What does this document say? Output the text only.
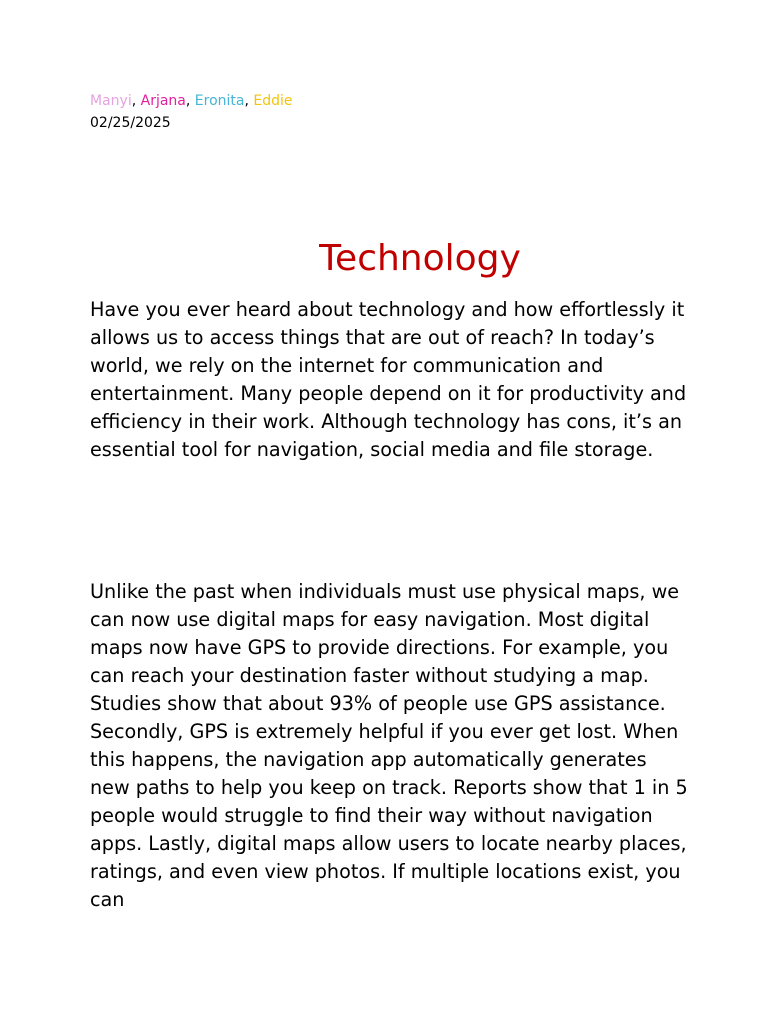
Manyi, Arjana, Eronita, Eddie
02/25/2025
Technology

Have you ever heard about technology and how effortlessly it allows us to access things that are out of reach? In today’s world, we rely on the internet for communication and entertainment. Many people depend on it for productivity and efficiency in their work. Although technology has cons, it’s an essential tool for navigation, social media and file storage.

Unlike the past when individuals must use physical maps, we can now use digital maps for easy navigation. Most digital maps now have GPS to provide directions. For example, you can reach your destination faster without studying a map. Studies show that about 93% of people use GPS assistance. Secondly, GPS is extremely helpful if you ever get lost. When this happens, the navigation app automatically generates new paths to help you keep on track. Reports show that 1 in 5 people would struggle to find their way without navigation apps. Lastly, digital maps allow users to locate nearby places, ratings, and even view photos. If multiple locations exist, you can
